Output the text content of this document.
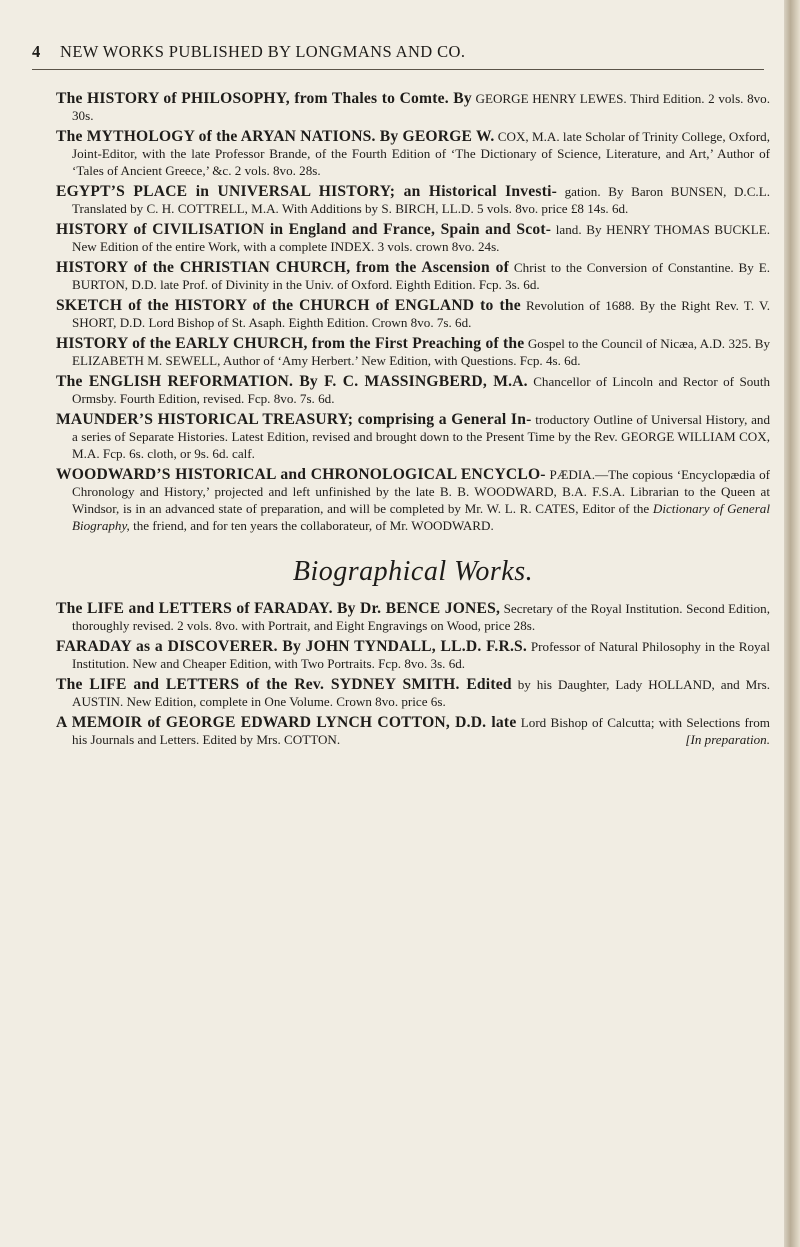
4 NEW WORKS PUBLISHED BY LONGMANS AND CO.

The HISTORY of PHILOSOPHY, from Thales to Comte. By GEORGE HENRY LEWES. Third Edition. 2 vols. 8vo. 30s.

The MYTHOLOGY of the ARYAN NATIONS. By GEORGE W. COX, M.A. late Scholar of Trinity College, Oxford, Joint-Editor, with the late Professor Brande, of the Fourth Edition of ‘The Dictionary of Science, Literature, and Art,’ Author of ‘Tales of Ancient Greece,’ &c. 2 vols. 8vo. 28s.

EGYPT’S PLACE in UNIVERSAL HISTORY; an Historical Investi- gation. By Baron BUNSEN, D.C.L. Translated by C. H. COTTRELL, M.A. With Additions by S. BIRCH, LL.D. 5 vols. 8vo. price £8 14s. 6d.

HISTORY of CIVILISATION in England and France, Spain and Scot- land. By HENRY THOMAS BUCKLE. New Edition of the entire Work, with a complete INDEX. 3 vols. crown 8vo. 24s.

HISTORY of the CHRISTIAN CHURCH, from the Ascension of Christ to the Conversion of Constantine. By E. BURTON, D.D. late Prof. of Divinity in the Univ. of Oxford. Eighth Edition. Fcp. 3s. 6d.

SKETCH of the HISTORY of the CHURCH of ENGLAND to the Revolution of 1688. By the Right Rev. T. V. SHORT, D.D. Lord Bishop of St. Asaph. Eighth Edition. Crown 8vo. 7s. 6d.

HISTORY of the EARLY CHURCH, from the First Preaching of the Gospel to the Council of Nicæa, A.D. 325. By ELIZABETH M. SEWELL, Author of ‘Amy Herbert.’ New Edition, with Questions. Fcp. 4s. 6d.

The ENGLISH REFORMATION. By F. C. MASSINGBERD, M.A. Chancellor of Lincoln and Rector of South Ormsby. Fourth Edition, revised. Fcp. 8vo. 7s. 6d.

MAUNDER’S HISTORICAL TREASURY; comprising a General In- troductory Outline of Universal History, and a series of Separate Histories. Latest Edition, revised and brought down to the Present Time by the Rev. GEORGE WILLIAM COX, M.A. Fcp. 6s. cloth, or 9s. 6d. calf.

WOODWARD’S HISTORICAL and CHRONOLOGICAL ENCYCLO- PÆDIA.—The copious ‘Encyclopædia of Chronology and History,’ projected and left unfinished by the late B. B. WOODWARD, B.A. F.S.A. Librarian to the Queen at Windsor, is in an advanced state of preparation, and will be completed by Mr. W. L. R. CATES, Editor of the Dictionary of General Biography, the friend, and for ten years the collaborateur, of Mr. WOODWARD.

Biographical Works.

The LIFE and LETTERS of FARADAY. By Dr. BENCE JONES, Secretary of the Royal Institution. Second Edition, thoroughly revised. 2 vols. 8vo. with Portrait, and Eight Engravings on Wood, price 28s.

FARADAY as a DISCOVERER. By JOHN TYNDALL, LL.D. F.R.S. Professor of Natural Philosophy in the Royal Institution. New and Cheaper Edition, with Two Portraits. Fcp. 8vo. 3s. 6d.

The LIFE and LETTERS of the Rev. SYDNEY SMITH. Edited by his Daughter, Lady HOLLAND, and Mrs. AUSTIN. New Edition, complete in One Volume. Crown 8vo. price 6s.

A MEMOIR of GEORGE EDWARD LYNCH COTTON, D.D. late Lord Bishop of Calcutta; with Selections from his Journals and Letters. Edited by Mrs. COTTON.	[In preparation.
